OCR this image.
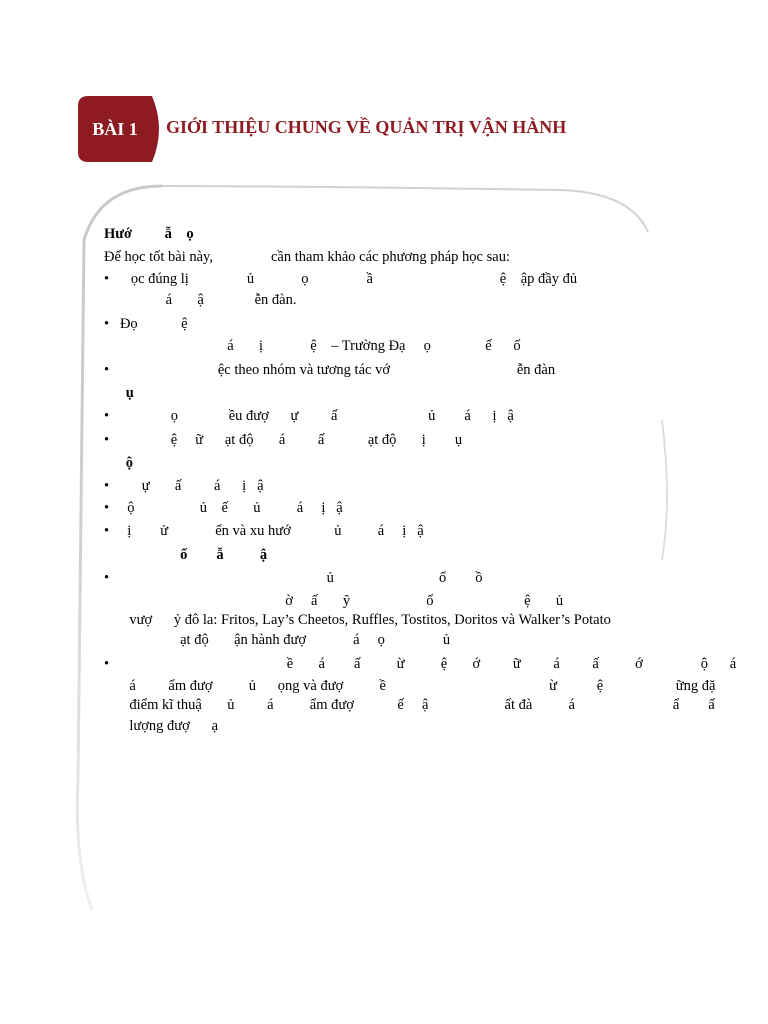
BÀI 1	GIỚI THIỆU CHUNG VỀ QUẢN TRỊ VẬN HÀNH
Hướ         ẫ    ọ
Để học tốt bài này,                cần tham khảo các phương pháp học sau:
•      ọc đúng lị                ủ             ọ                ầ                                   ệ    ập đầy đủ
á       ậ              ễn đàn.
•   Đọ            ệ
á       ị             ệ    – Trường Đạ     ọ               ế      ố
•                              ệc theo nhóm và tương tác vớ                                   ễn đàn
ụ
•                 ọ              ều đượ      ự         ấ                         ủ        á      ị   ậ
•                 ệ     ữ      ạt độ       á         ấ            ạt độ       ị        ụ
ộ
•         ự       ấ         á      ị   ậ
•     ộ                  ủ    ế       ủ          á     ị   ậ
•     ị        ử             ển và xu hướ            ủ          á     ị   ậ
ố        ẫ          ậ
•                                                            ủ                             ổ        ồ
ờ     ấ       ỹ                     ổ                         ệ       ủ
vượ      ỷ đô la: Fritos, Lay’s Cheetos, Ruffles, Tostitos, Doritos và Walker’s Potato
ạt độ       ận hành đượ             á     ọ                ủ
•                                                 ề       á        ấ          ừ          ệ       ớ         ữ         á         ấ          ớ                ộ      á
á         ẩm đượ          ủ      ọng và đượ          ề                                             ừ           ệ                    ững đặ
điểm kĩ thuậ       ủ         á          ẩm đượ            ế     ậ                     ất đà          á                           ẩ        ấ
lượng đượ      ạ
